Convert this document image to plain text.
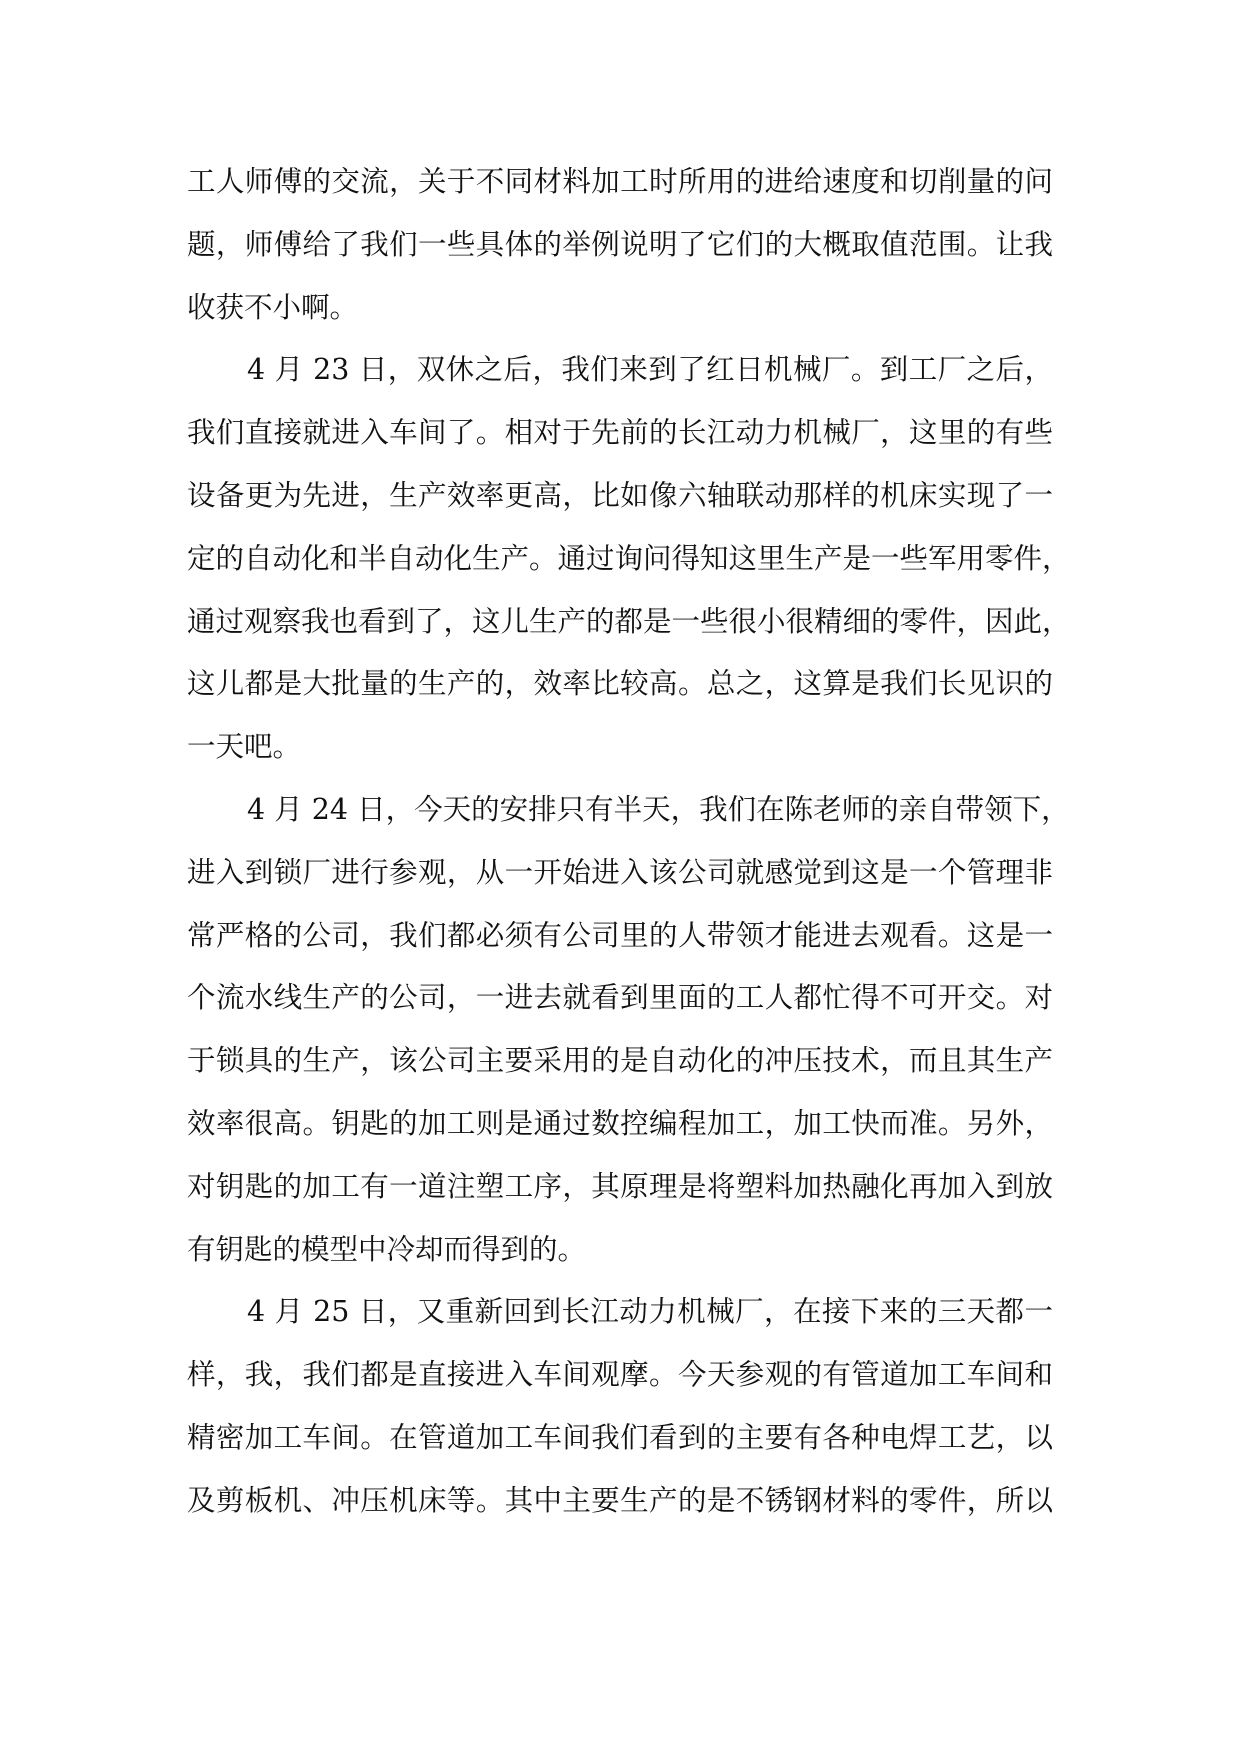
工人师傅的交流，关于不同材料加工时所用的进给速度和切削量的问
题，师傅给了我们一些具体的举例说明了它们的大概取值范围。让我
收获不小啊。
4 月 23 日，双休之后，我们来到了红日机械厂。到工厂之后，
我们直接就进入车间了。相对于先前的长江动力机械厂，这里的有些
设备更为先进，生产效率更高，比如像六轴联动那样的机床实现了一
定的自动化和半自动化生产。通过询问得知这里生产是一些军用零件，
通过观察我也看到了，这儿生产的都是一些很小很精细的零件，因此，
这儿都是大批量的生产的，效率比较高。总之，这算是我们长见识的
一天吧。
4 月 24 日，今天的安排只有半天，我们在陈老师的亲自带领下，
进入到锁厂进行参观，从一开始进入该公司就感觉到这是一个管理非
常严格的公司，我们都必须有公司里的人带领才能进去观看。这是一
个流水线生产的公司，一进去就看到里面的工人都忙得不可开交。对
于锁具的生产，该公司主要采用的是自动化的冲压技术，而且其生产
效率很高。钥匙的加工则是通过数控编程加工，加工快而准。另外，
对钥匙的加工有一道注塑工序，其原理是将塑料加热融化再加入到放
有钥匙的模型中冷却而得到的。
4 月 25 日，又重新回到长江动力机械厂，在接下来的三天都一
样，我，我们都是直接进入车间观摩。今天参观的有管道加工车间和
精密加工车间。在管道加工车间我们看到的主要有各种电焊工艺，以
及剪板机、冲压机床等。其中主要生产的是不锈钢材料的零件，所以
